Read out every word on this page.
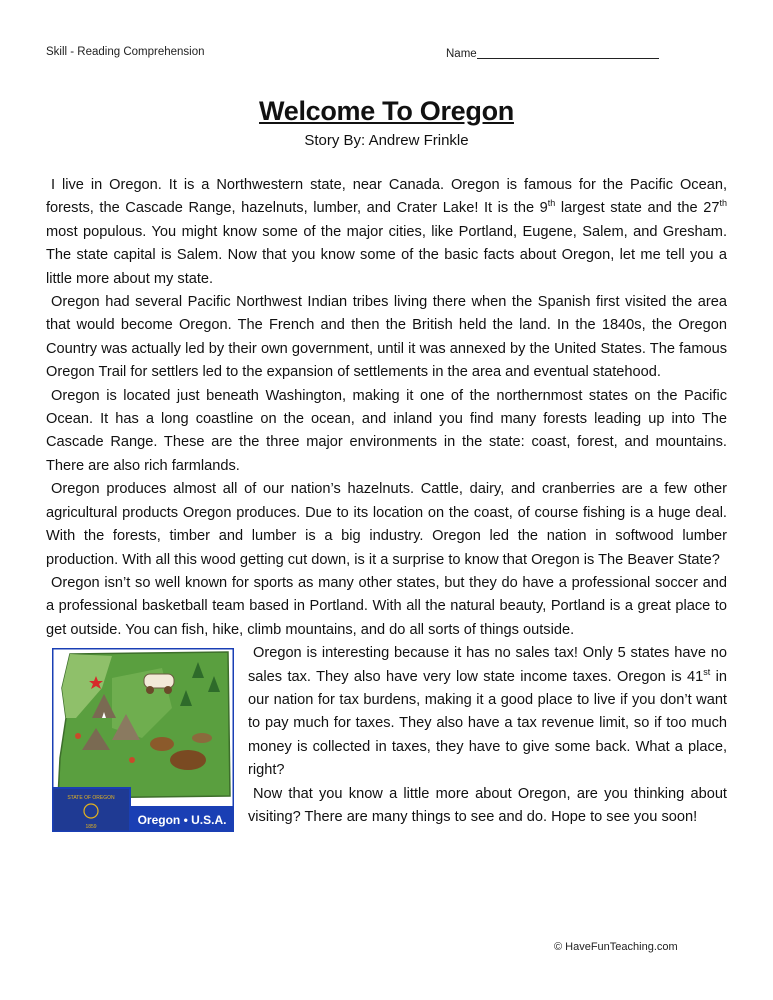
Skill - Reading Comprehension	Name
Welcome To Oregon
Story By: Andrew Frinkle

I live in Oregon. It is a Northwestern state, near Canada. Oregon is famous for the Pacific Ocean, forests, the Cascade Range, hazelnuts, lumber, and Crater Lake! It is the 9th largest state and the 27th most populous. You might know some of the major cities, like Portland, Eugene, Salem, and Gresham. The state capital is Salem. Now that you know some of the basic facts about Oregon, let me tell you a little more about my state.

Oregon had several Pacific Northwest Indian tribes living there when the Spanish first visited the area that would become Oregon. The French and then the British held the land. In the 1840s, the Oregon Country was actually led by their own government, until it was annexed by the United States. The famous Oregon Trail for settlers led to the expansion of settlements in the area and eventual statehood.

Oregon is located just beneath Washington, making it one of the northernmost states on the Pacific Ocean. It has a long coastline on the ocean, and inland you find many forests leading up into The Cascade Range. These are the three major environments in the state: coast, forest, and mountains. There are also rich farmlands.

Oregon produces almost all of our nation’s hazelnuts. Cattle, dairy, and cranberries are a few other agricultural products Oregon produces. Due to its location on the coast, of course fishing is a huge deal. With the forests, timber and lumber is a big industry. Oregon led the nation in softwood lumber production. With all this wood getting cut down, is it a surprise to know that Oregon is The Beaver State?

Oregon isn’t so well known for sports as many other states, but they do have a professional soccer and a professional basketball team based in Portland. With all the natural beauty, Portland is a great place to get outside. You can fish, hike, climb mountains, and do all sorts of things outside.

STATE OF OREGON
1859	Oregon • U.S.A.

Oregon is interesting because it has no sales tax! Only 5 states have no sales tax. They also have very low state income taxes. Oregon is 41st in our nation for tax burdens, making it a good place to live if you don’t want to pay much for taxes. They also have a tax revenue limit, so if too much money is collected in taxes, they have to give some back. What a place, right?

Now that you know a little more about Oregon, are you thinking about visiting? There are many things to see and do. Hope to see you soon!

© HaveFunTeaching.com
